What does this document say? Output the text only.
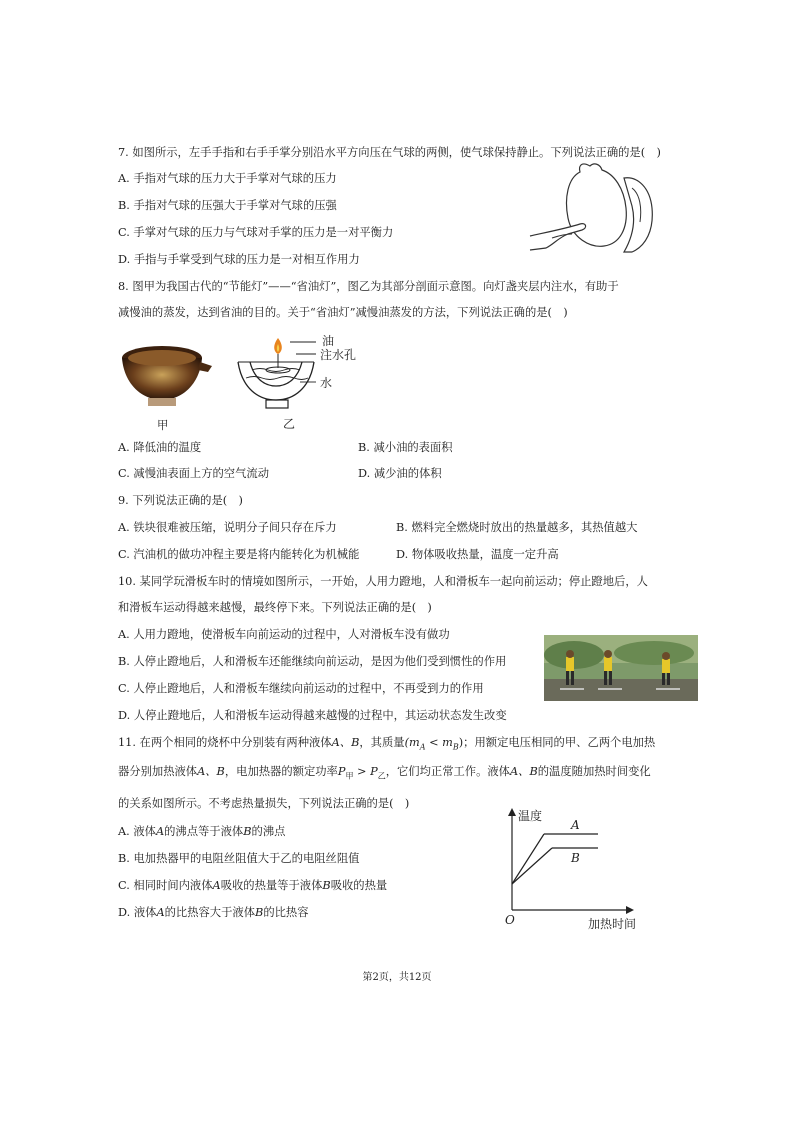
7. 如图所示，左手手指和右手手掌分别沿水平方向压在气球的两侧，使气球保持静止。下列说法正确的是(　)
A. 手指对气球的压力大于手掌对气球的压力
B. 手指对气球的压强大于手掌对气球的压强
C. 手掌对气球的压力与气球对手掌的压力是一对平衡力
D. 手指与手掌受到气球的压力是一对相互作用力
8. 图甲为我国古代的“节能灯”——“省油灯”，图乙为其部分剖面示意图。向灯盏夹层内注水，有助于
减慢油的蒸发，达到省油的目的。关于“省油灯”减慢油蒸发的方法，下列说法正确的是(　)
甲
油
注水孔
水
乙
A. 降低油的温度	B. 减小油的表面积
C. 减慢油表面上方的空气流动	D. 减少油的体积
9. 下列说法正确的是(　)
A. 铁块很难被压缩，说明分子间只存在斥力	B. 燃料完全燃烧时放出的热量越多，其热值越大
C. 汽油机的做功冲程主要是将内能转化为机械能	D. 物体吸收热量，温度一定升高
10. 某同学玩滑板车时的情境如图所示，一开始，人用力蹬地，人和滑板车一起向前运动；停止蹬地后，人
和滑板车运动得越来越慢，最终停下来。下列说法正确的是(　)
A. 人用力蹬地，使滑板车向前运动的过程中，人对滑板车没有做功
B. 人停止蹬地后，人和滑板车还能继续向前运动，是因为他们受到惯性的作用
C. 人停止蹬地后，人和滑板车继续向前运动的过程中，不再受到力的作用
D. 人停止蹬地后，人和滑板车运动得越来越慢的过程中，其运动状态发生改变
11. 在两个相同的烧杯中分别装有两种液体A、B，其质量$(m_A < m_B)$；用额定电压相同的甲、乙两个电加热
器分别加热液体A、B，电加热器的额定功率$P_甲 > P_乙$，它们均正常工作。液体A、B的温度随加热时间变化
的关系如图所示。不考虑热量损失，下列说法正确的是(　)
A. 液体A的沸点等于液体B的沸点
B. 电加热器甲的电阻丝阻值大于乙的电阻丝阻值
C. 相同时间内液体A吸收的热量等于液体B吸收的热量
D. 液体A的比热容大于液体B的比热容
温度
A
B
O	加热时间
第2页，共12页
